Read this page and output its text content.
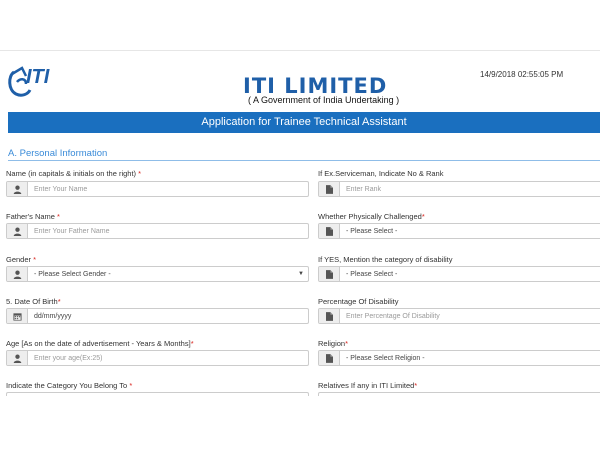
ITI	ITI LIMITED
( A Government of India Undertaking )
14/9/2018 02:55:05 PM
Application for Trainee Technical Assistant
A. Personal Information
Name (in capitals & initials on the right) *
Enter Your Name
Father's Name *
Enter Your Father Name
Gender *
- Please Select Gender -	▼
5. Date Of Birth*
dd/mm/yyyy
Age [As on the date of advertisement - Years & Months]*
Enter your age(Ex:25)
Indicate the Category You Belong To *
If Ex.Serviceman, Indicate No & Rank
Enter Rank
Whether Physically Challenged*
- Please Select -
If YES, Mention the category of disability
- Please Select -
Percentage Of Disability
Enter Percentage Of Disability
Religion*
- Please Select Religion -
Relatives If any in ITI Limited*
